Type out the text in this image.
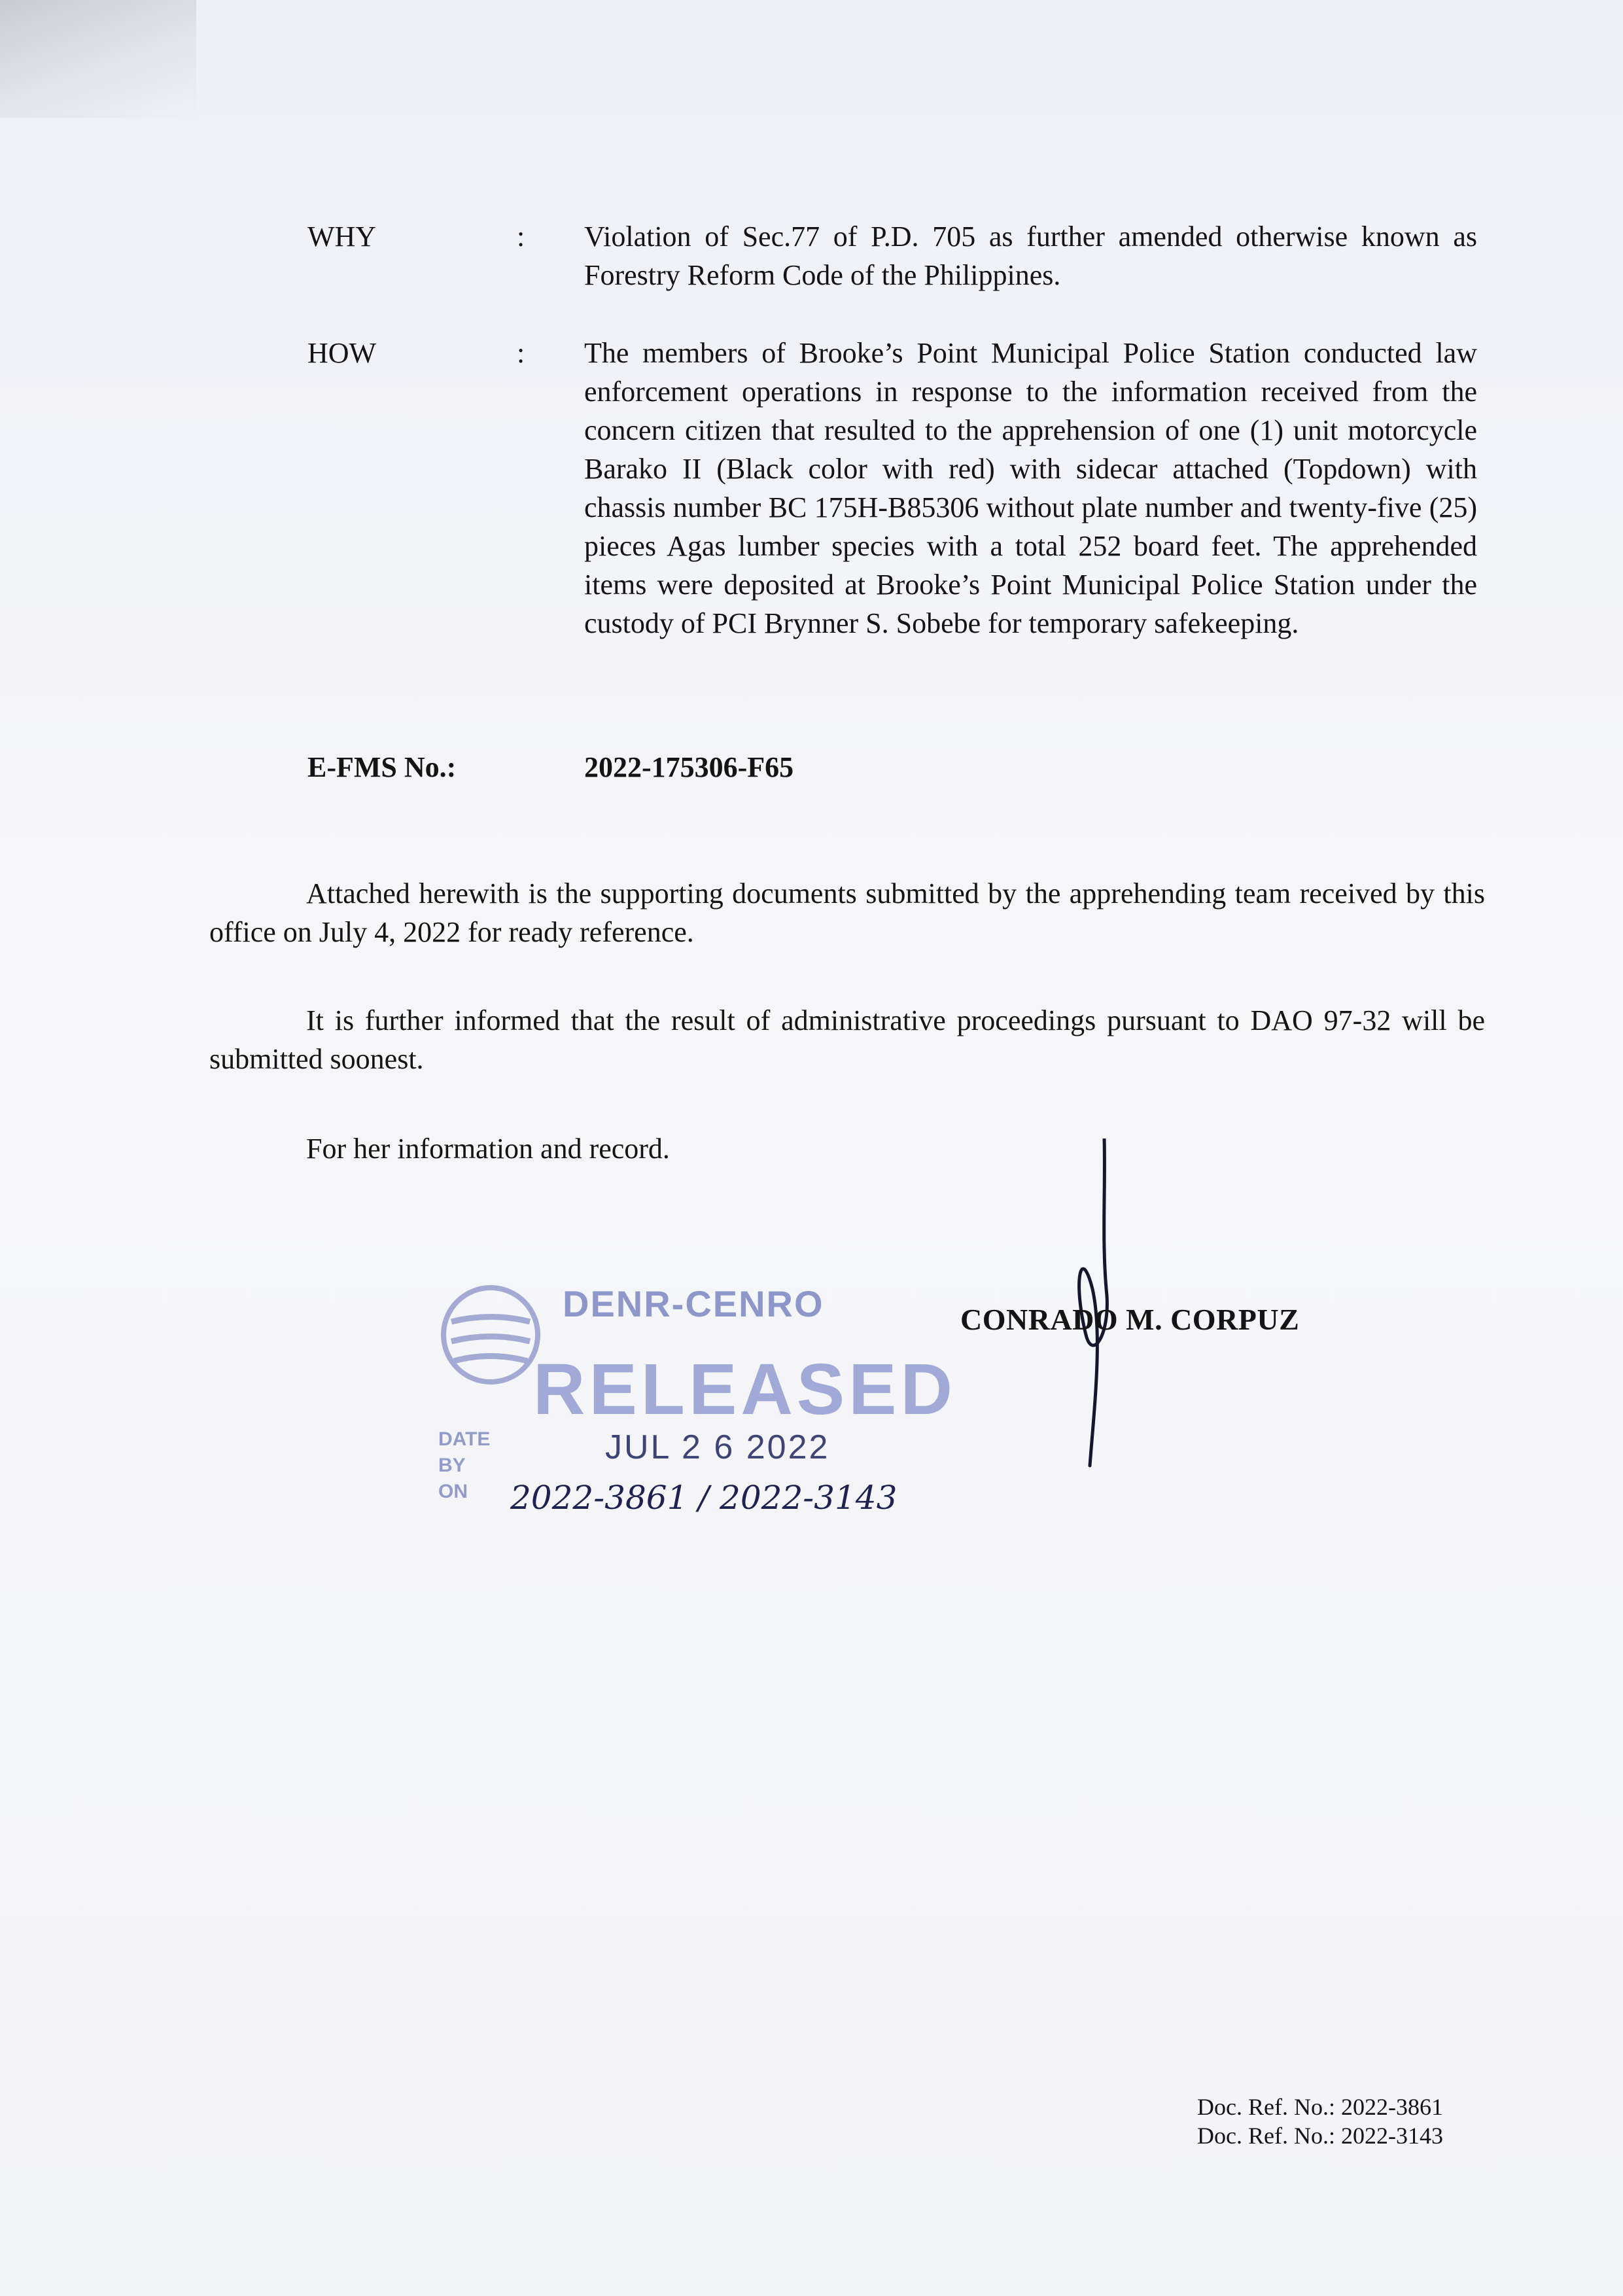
WHY	: Violation of Sec.77 of P.D. 705 as further amended otherwise known as Forestry Reform Code of the Philippines.
HOW	: The members of Brooke’s Point Municipal Police Station conducted law enforcement operations in response to the information received from the concern citizen that resulted to the apprehension of one (1) unit motorcycle Barako II (Black color with red) with sidecar attached (Topdown) with chassis number BC 175H-B85306 without plate number and twenty-five (25) pieces Agas lumber species with a total 252 board feet. The apprehended items were deposited at Brooke’s Point Municipal Police Station under the custody of PCI Brynner S. Sobebe for temporary safekeeping.
E-FMS No.:	2022-175306-F65
Attached herewith is the supporting documents submitted by the apprehending team received by this office on July 4, 2022 for ready reference.
It is further informed that the result of administrative proceedings pursuant to DAO 97-32 will be submitted soonest.
For her information and record.
CONRADO M. CORPUZ
DENR-CENRO
RELEASED
DATE
BY
ON
JUL 2 6 2022
2022-3861 / 2022-3143
Doc. Ref. No.: 2022-3861
Doc. Ref. No.: 2022-3143
